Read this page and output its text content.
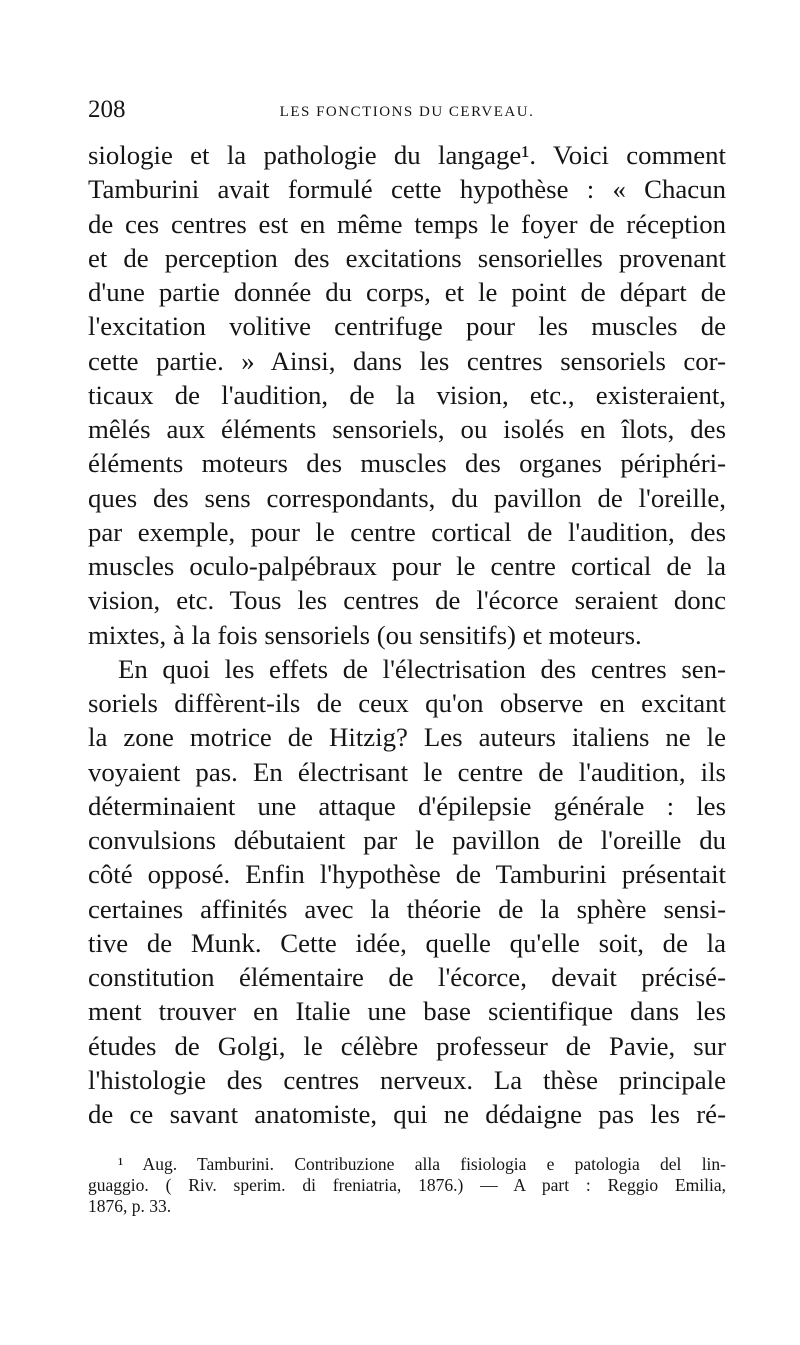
208	LES FONCTIONS DU CERVEAU.
siologie et la pathologie du langage¹. Voici comment
Tamburini avait formulé cette hypothèse : « Chacun
de ces centres est en même temps le foyer de réception
et de perception des excitations sensorielles provenant
d'une partie donnée du corps, et le point de départ de
l'excitation volitive centrifuge pour les muscles de
cette partie. » Ainsi, dans les centres sensoriels cor-
ticaux de l'audition, de la vision, etc., existeraient,
mêlés aux éléments sensoriels, ou isolés en îlots, des
éléments moteurs des muscles des organes périphéri-
ques des sens correspondants, du pavillon de l'oreille,
par exemple, pour le centre cortical de l'audition, des
muscles oculo-palpébraux pour le centre cortical de la
vision, etc. Tous les centres de l'écorce seraient donc
mixtes, à la fois sensoriels (ou sensitifs) et moteurs.
En quoi les effets de l'électrisation des centres sen-
soriels diffèrent-ils de ceux qu'on observe en excitant
la zone motrice de Hitzig? Les auteurs italiens ne le
voyaient pas. En électrisant le centre de l'audition, ils
déterminaient une attaque d'épilepsie générale : les
convulsions débutaient par le pavillon de l'oreille du
côté opposé. Enfin l'hypothèse de Tamburini présentait
certaines affinités avec la théorie de la sphère sensi-
tive de Munk. Cette idée, quelle qu'elle soit, de la
constitution élémentaire de l'écorce, devait précisé-
ment trouver en Italie une base scientifique dans les
études de Golgi, le célèbre professeur de Pavie, sur
l'histologie des centres nerveux. La thèse principale
de ce savant anatomiste, qui ne dédaigne pas les ré-
¹ Aug. Tamburini. Contribuzione alla fisiologia e patologia del lin-
guaggio. ( Riv. sperim. di freniatria, 1876.) — A part : Reggio Emilia,
1876, p. 33.
